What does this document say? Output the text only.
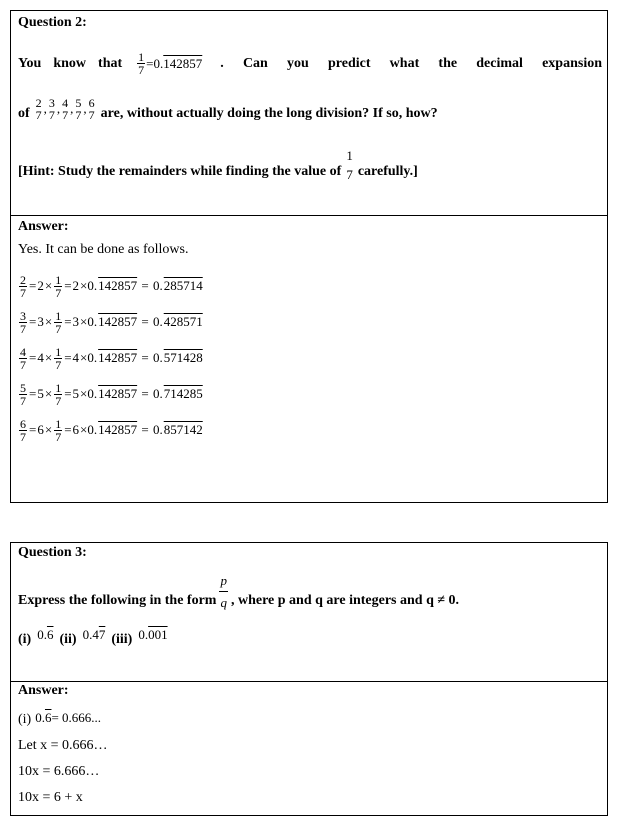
Question 2:
You know that $\frac{1}{7} =0$. 142857 . Can you predict what the decimal expansion
of
2
7 , 3
7 , 4
7 , 5
7 , 6
7 are, without actually doing the long division? If so, how?
[Hint: Study the remainders while finding the value of
1
7 carefully.]
Answer:
Yes. It can be done as follows.
$\frac{2}{7} = 2 \times \frac{1}{7} = 2 \times 0$. 142857 = 0. 285714
$\frac{3}{7} = 3 \times \frac{1}{7} = 3 \times 0$. 142857 = 0. 428571
$\frac{4}{7} = 4 \times \frac{1}{7} = 4 \times 0$. 142857 = 0. 571428
$\frac{5}{7} = 5 \times \frac{1}{7} = 5 \times 0$. 142857 = 0. 714285
$\frac{6}{7} = 6 \times \frac{1}{7} = 6 \times 0$. 142857 = 0. 857142
Question 3:
Express the following in the form $\frac{p}{q}$ , where p and q are integers and q ≠ 0.
(i) 0.6 (ii) 0.47 (iii) 0.001
Answer:
(i) 0.6= 0.666...
Let x = 0.666…
10x = 6.666…
10x = 6 + x
